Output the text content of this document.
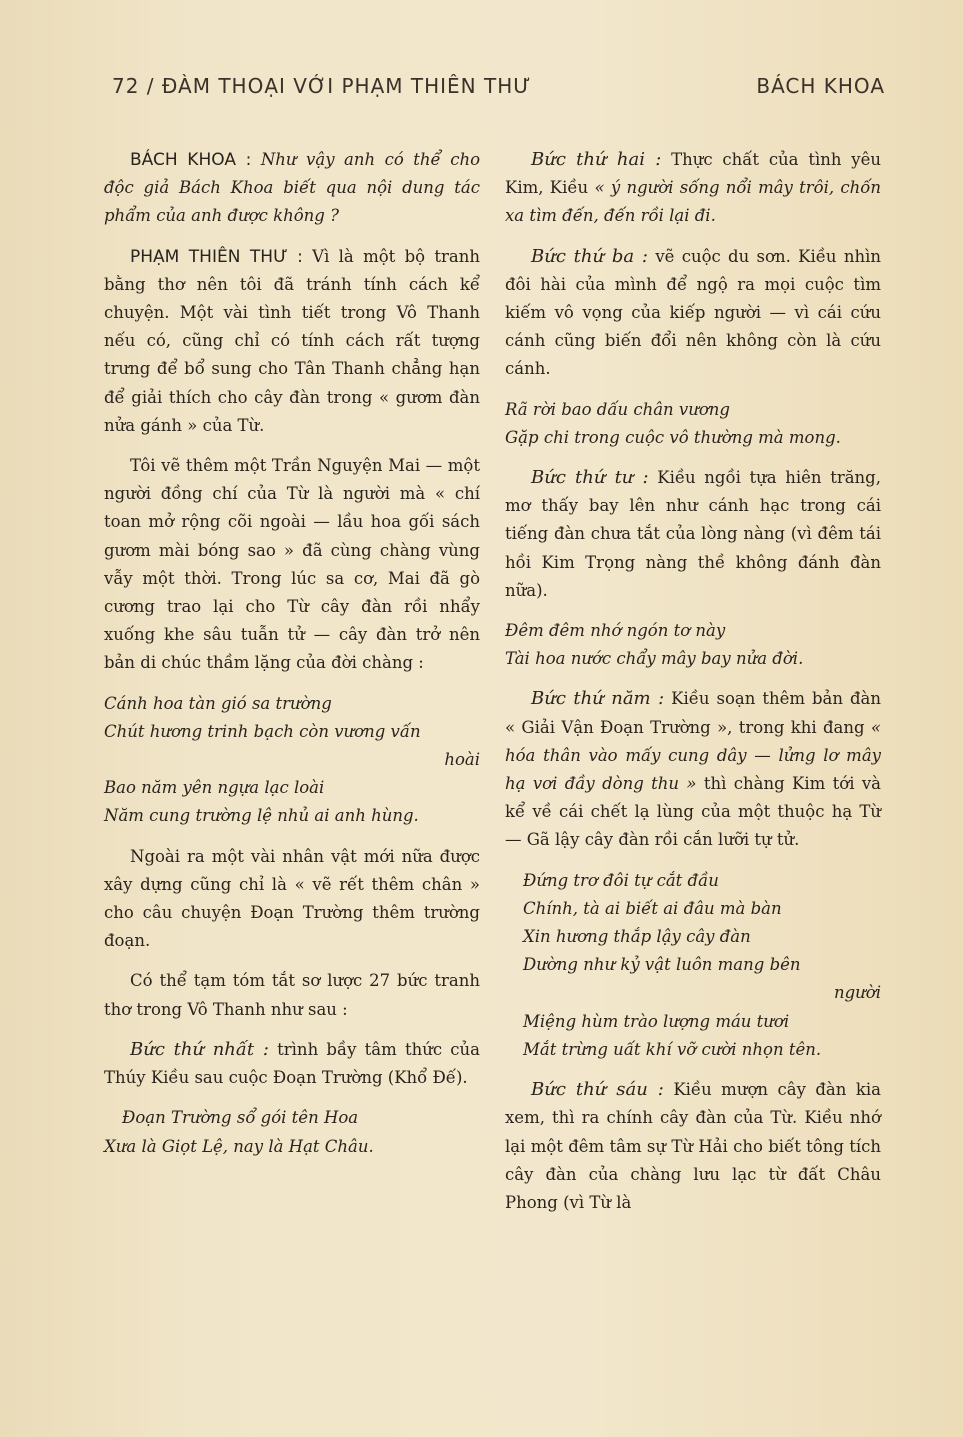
72 / ĐÀM THOẠI VỚI PHẠM THIÊN THƯ	BÁCH KHOA

BÁCH KHOA : Như vậy anh có thể cho độc giả Bách Khoa biết qua nội dung tác phẩm của anh được không ?

PHẠM THIÊN THƯ : Vì là một bộ tranh bằng thơ nên tôi đã tránh tính cách kể chuyện. Một vài tình tiết trong Vô Thanh nếu có, cũng chỉ có tính cách rất tượng trưng để bổ sung cho Tân Thanh chẳng hạn để giải thích cho cây đàn trong « gươm đàn nửa gánh » của Từ.

Tôi vẽ thêm một Trần Nguyện Mai — một người đồng chí của Từ là người mà « chí toan mở rộng cõi ngoài — lầu hoa gối sách gươm mài bóng sao » đã cùng chàng vùng vẫy một thời. Trong lúc sa cơ, Mai đã gò cương trao lại cho Từ cây đàn rồi nhẩy xuống khe sâu tuẫn tử — cây đàn trở nên bản di chúc thầm lặng của đời chàng :

Cánh hoa tàn gió sa trường

Chút hương trinh bạch còn vương vấn

hoài

Bao năm yên ngựa lạc loài

Năm cung trường lệ nhủ ai anh hùng.

Ngoài ra một vài nhân vật mới nữa được xây dựng cũng chỉ là « vẽ rết thêm chân » cho câu chuyện Đoạn Trường thêm trường đoạn.

Có thể tạm tóm tắt sơ lược 27 bức tranh thơ trong Vô Thanh như sau :

Bức thứ nhất : trình bầy tâm thức của Thúy Kiều sau cuộc Đoạn Trường (Khổ Đế).

Đoạn Trường sổ gói tên Hoa

Xưa là Giọt Lệ, nay là Hạt Châu.

Bức thứ hai : Thực chất của tình yêu Kim, Kiều « ý người sống nổi mây trôi, chốn xa tìm đến, đến rồi lại đi.

Bức thứ ba : vẽ cuộc du sơn. Kiều nhìn đôi hài của mình để ngộ ra mọi cuộc tìm kiếm vô vọng của kiếp người — vì cái cứu cánh cũng biến đổi nên không còn là cứu cánh.

Rã rời bao dấu chân vương

Gặp chi trong cuộc vô thường mà mong.

Bức thứ tư : Kiều ngồi tựa hiên trăng, mơ thấy bay lên như cánh hạc trong cái tiếng đàn chưa tắt của lòng nàng (vì đêm tái hồi Kim Trọng nàng thề không đánh đàn nữa).

Đêm đêm nhớ ngón tơ này

Tài hoa nước chẩy mây bay nửa đời.

Bức thứ năm : Kiều soạn thêm bản đàn « Giải Vận Đoạn Trường », trong khi đang « hóa thân vào mấy cung dây — lửng lơ mây hạ vơi đầy dòng thu » thì chàng Kim tới và kể về cái chết lạ lùng của một thuộc hạ Từ — Gã lậy cây đàn rồi cắn lưỡi tự tử.

Đứng trơ đôi tự cắt đầu

Chính, tà ai biết ai đâu mà bàn

Xin hương thắp lậy cây đàn

Dường như kỷ vật luôn mang bên

người

Miệng hùm trào lượng máu tươi

Mắt trừng uất khí vỡ cười nhọn tên.

Bức thứ sáu : Kiều mượn cây đàn kia xem, thì ra chính cây đàn của Từ. Kiều nhớ lại một đêm tâm sự Từ Hải cho biết tông tích cây đàn của chàng lưu lạc từ đất Châu Phong (vì Từ là
